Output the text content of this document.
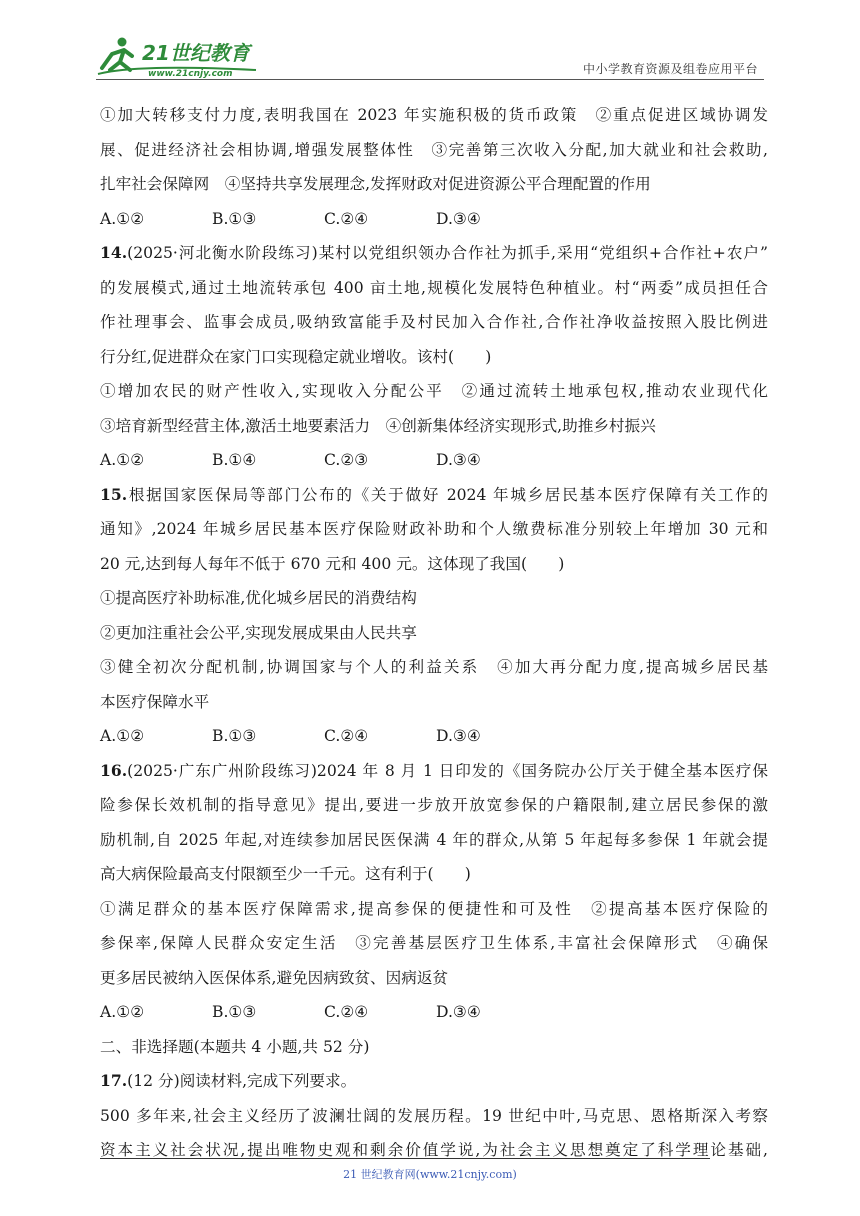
21世纪教育
www.21cnjy.com	中小学教育资源及组卷应用平台
①加大转移支付力度,表明我国在 2023 年实施积极的货币政策　②重点促进区域协调发
展、促进经济社会相协调,增强发展整体性　③完善第三次收入分配,加大就业和社会救助,
扎牢社会保障网　④坚持共享发展理念,发挥财政对促进资源公平合理配置的作用
A.①②	B.①③	C.②④	D.③④
14.(2025·河北衡水阶段练习)某村以党组织领办合作社为抓手,采用“党组织+合作社+农户”
的发展模式,通过土地流转承包 400 亩土地,规模化发展特色种植业。村“两委”成员担任合
作社理事会、监事会成员,吸纳致富能手及村民加入合作社,合作社净收益按照入股比例进
行分红,促进群众在家门口实现稳定就业增收。该村(　　)
①增加农民的财产性收入,实现收入分配公平　②通过流转土地承包权,推动农业现代化
③培育新型经营主体,激活土地要素活力　④创新集体经济实现形式,助推乡村振兴
A.①②	B.①④	C.②③	D.③④
15.根据国家医保局等部门公布的《关于做好 2024 年城乡居民基本医疗保障有关工作的
通知》,2024 年城乡居民基本医疗保险财政补助和个人缴费标准分别较上年增加 30 元和
20 元,达到每人每年不低于 670 元和 400 元。这体现了我国(　　)
①提高医疗补助标准,优化城乡居民的消费结构
②更加注重社会公平,实现发展成果由人民共享
③健全初次分配机制,协调国家与个人的利益关系　④加大再分配力度,提高城乡居民基
本医疗保障水平
A.①②	B.①③	C.②④	D.③④
16.(2025·广东广州阶段练习)2024 年 8 月 1 日印发的《国务院办公厅关于健全基本医疗保
险参保长效机制的指导意见》提出,要进一步放开放宽参保的户籍限制,建立居民参保的激
励机制,自 2025 年起,对连续参加居民医保满 4 年的群众,从第 5 年起每多参保 1 年就会提
高大病保险最高支付限额至少一千元。这有利于(　　)
①满足群众的基本医疗保障需求,提高参保的便捷性和可及性　②提高基本医疗保险的
参保率,保障人民群众安定生活　③完善基层医疗卫生体系,丰富社会保障形式　④确保
更多居民被纳入医保体系,避免因病致贫、因病返贫
A.①②	B.①③	C.②④	D.③④
二、非选择题(本题共 4 小题,共 52 分)
17.(12 分)阅读材料,完成下列要求。
500 多年来,社会主义经历了波澜壮阔的发展历程。19 世纪中叶,马克思、恩格斯深入考察
资本主义社会状况,提出唯物史观和剩余价值学说,为社会主义思想奠定了科学理论基础,
21 世纪教育网(www.21cnjy.com)
